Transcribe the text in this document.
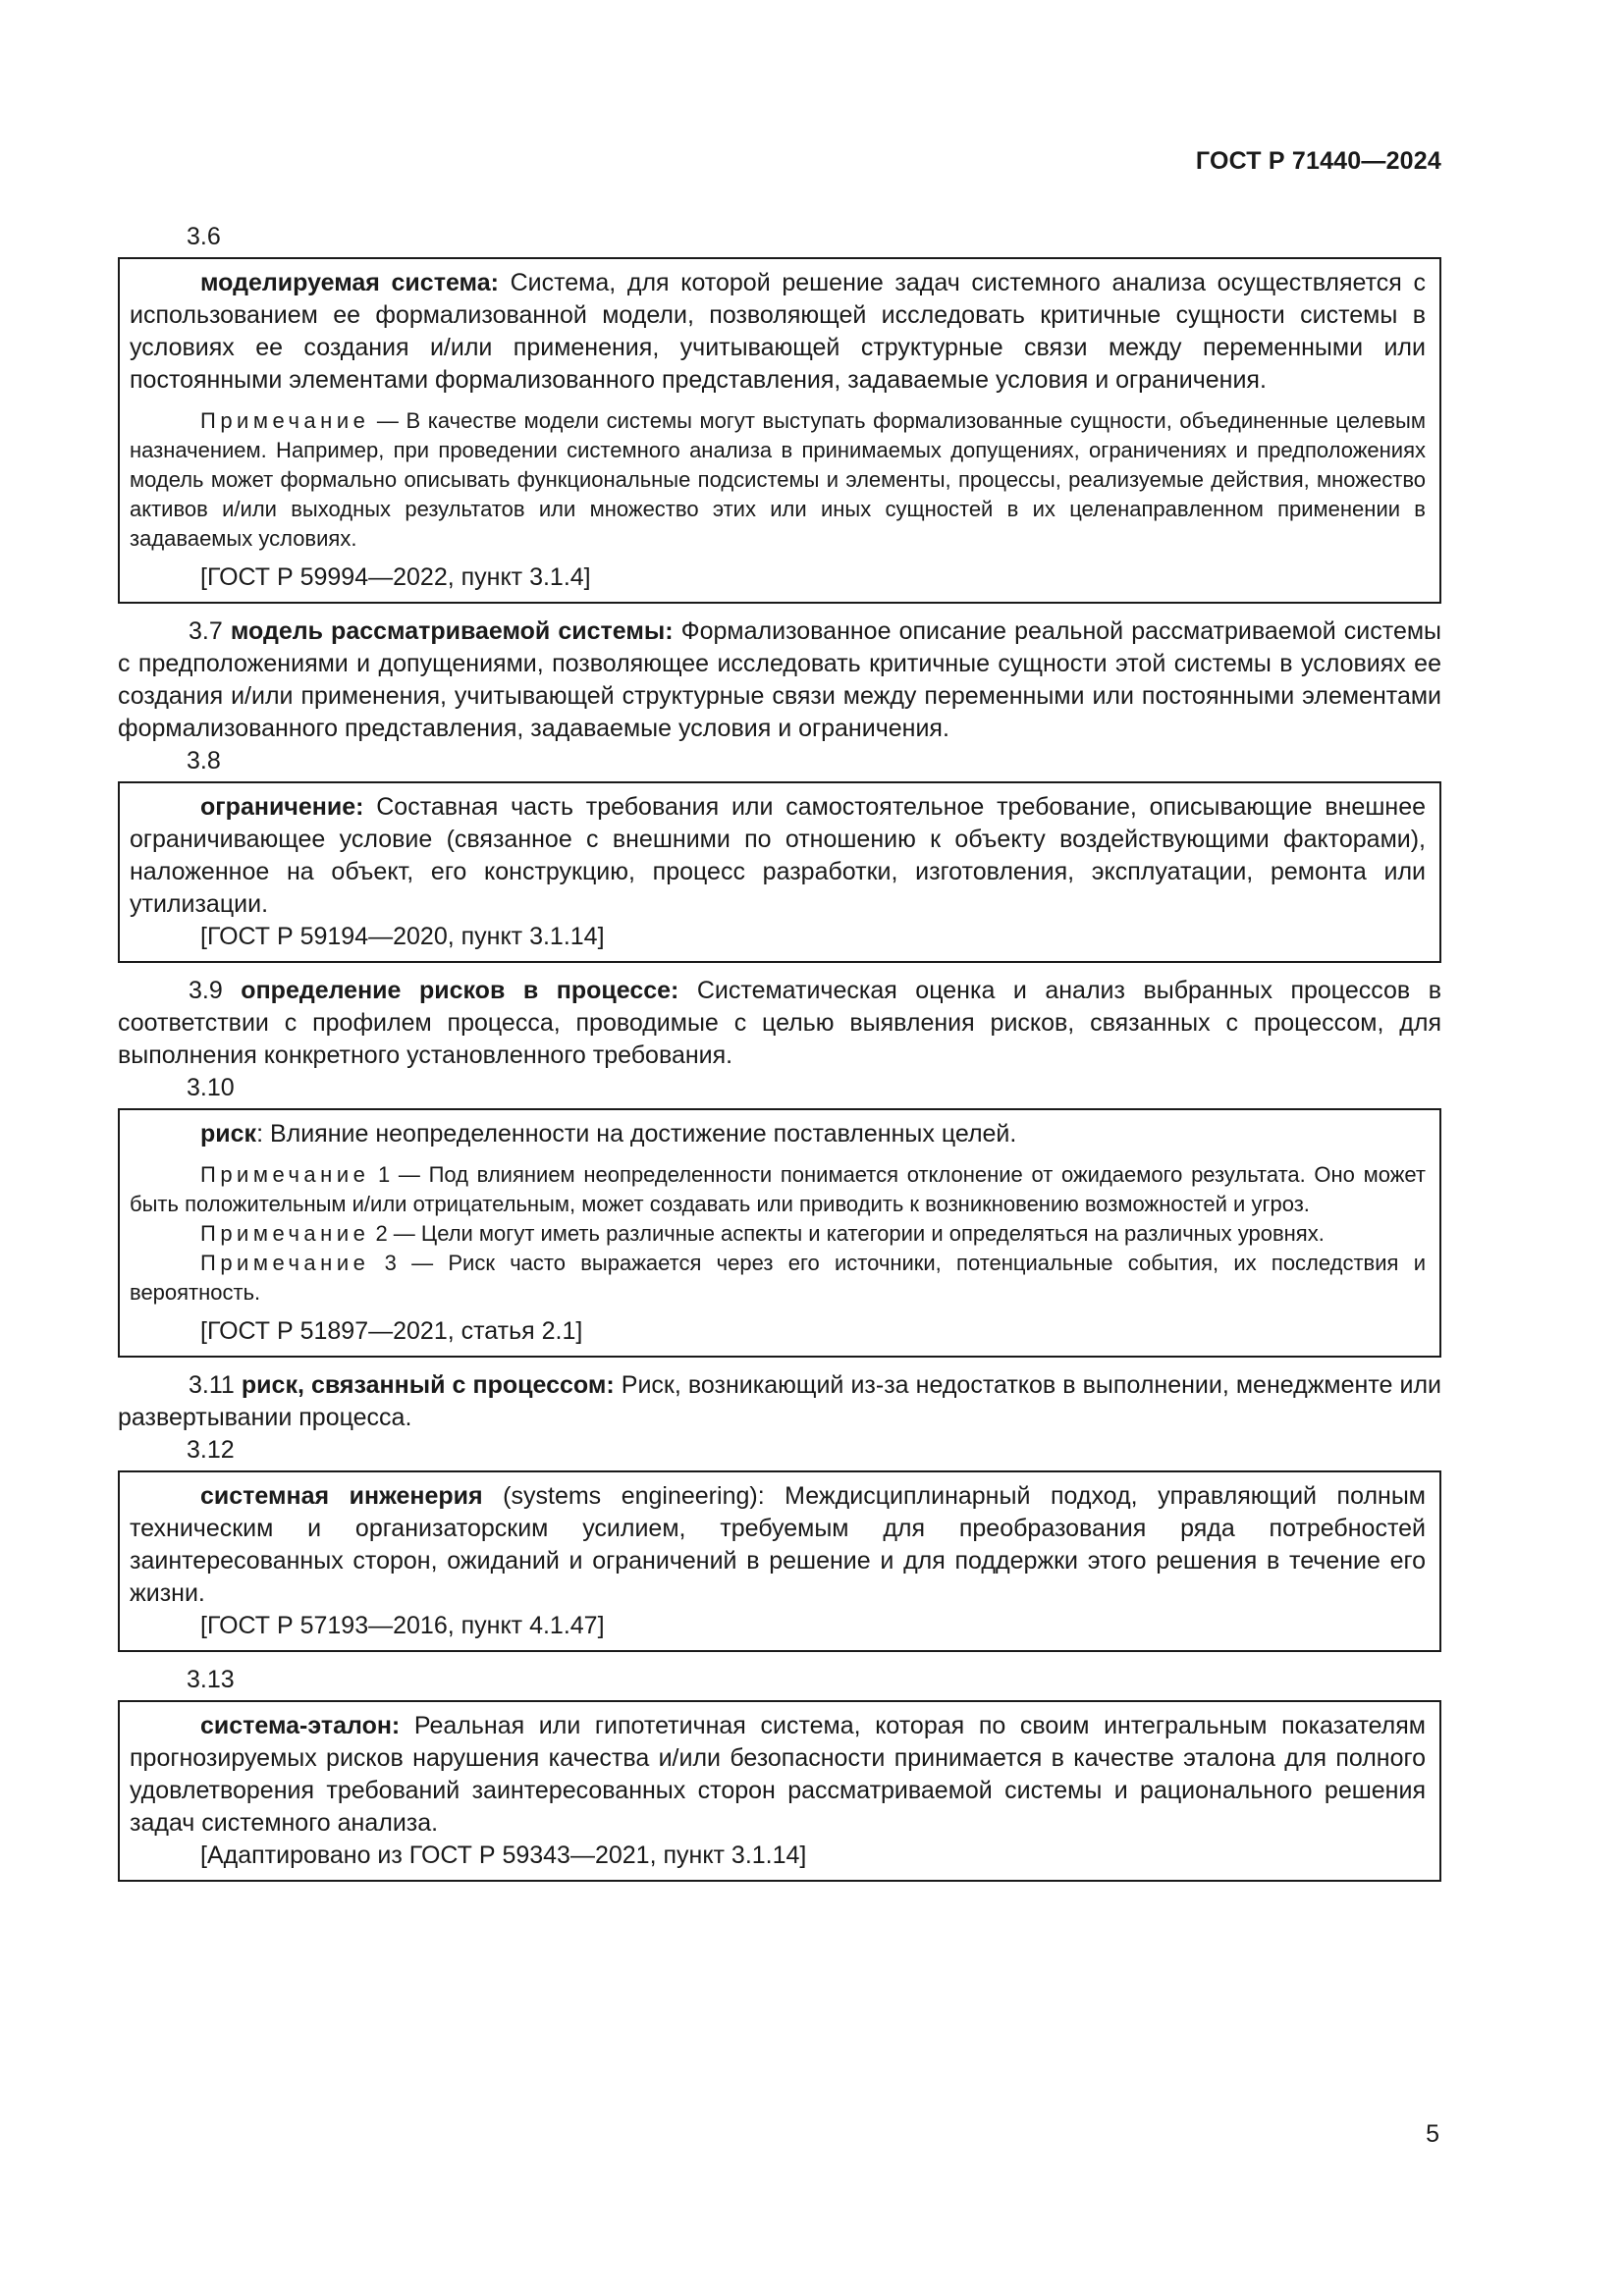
ГОСТ Р 71440—2024
3.6

моделируемая система: Система, для которой решение задач системного анализа осуществляется с использованием ее формализованной модели, позволяющей исследовать критичные сущности системы в условиях ее создания и/или применения, учитывающей структурные связи между переменными или постоянными элементами формализованного представления, задаваемые условия и ограничения.

Примечание — В качестве модели системы могут выступать формализованные сущности, объединенные целевым назначением. Например, при проведении системного анализа в принимаемых допущениях, ограничениях и предположениях модель может формально описывать функциональные подсистемы и элементы, процессы, реализуемые действия, множество активов и/или выходных результатов или множество этих или иных сущностей в их целенаправленном применении в задаваемых условиях.

[ГОСТ Р 59994—2022, пункт 3.1.4]

3.7 модель рассматриваемой системы: Формализованное описание реальной рассматриваемой системы с предположениями и допущениями, позволяющее исследовать критичные сущности этой системы в условиях ее создания и/или применения, учитывающей структурные связи между переменными или постоянными элементами формализованного представления, задаваемые условия и ограничения.

3.8

ограничение: Составная часть требования или самостоятельное требование, описывающие внешнее ограничивающее условие (связанное с внешними по отношению к объекту воздействующими факторами), наложенное на объект, его конструкцию, процесс разработки, изготовления, эксплуатации, ремонта или утилизации.

[ГОСТ Р 59194—2020, пункт 3.1.14]

3.9 определение рисков в процессе: Систематическая оценка и анализ выбранных процессов в соответствии с профилем процесса, проводимые с целью выявления рисков, связанных с процессом, для выполнения конкретного установленного требования.

3.10

риск: Влияние неопределенности на достижение поставленных целей.

Примечание 1 — Под влиянием неопределенности понимается отклонение от ожидаемого результата. Оно может быть положительным и/или отрицательным, может создавать или приводить к возникновению возможностей и угроз.

Примечание 2 — Цели могут иметь различные аспекты и категории и определяться на различных уровнях.

Примечание 3 — Риск часто выражается через его источники, потенциальные события, их последствия и вероятность.

[ГОСТ Р 51897—2021, статья 2.1]

3.11 риск, связанный с процессом: Риск, возникающий из-за недостатков в выполнении, менеджменте или развертывании процесса.

3.12

системная инженерия (systems engineering): Междисциплинарный подход, управляющий полным техническим и организаторским усилием, требуемым для преобразования ряда потребностей заинтересованных сторон, ожиданий и ограничений в решение и для поддержки этого решения в течение его жизни.

[ГОСТ Р 57193—2016, пункт 4.1.47]
3.13

система-эталон: Реальная или гипотетичная система, которая по своим интегральным показателям прогнозируемых рисков нарушения качества и/или безопасности принимается в качестве эталона для полного удовлетворения требований заинтересованных сторон рассматриваемой системы и рационального решения задач системного анализа.

[Адаптировано из ГОСТ Р 59343—2021, пункт 3.1.14]
5
